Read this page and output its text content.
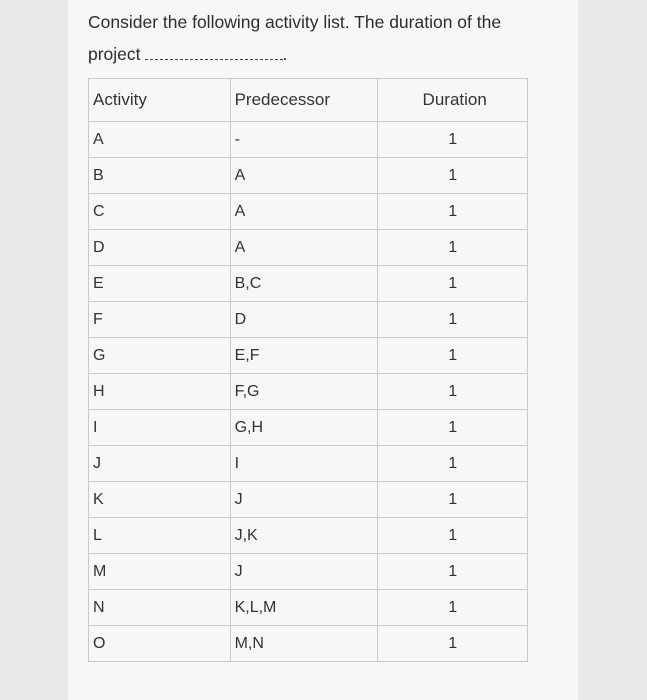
Consider the following activity list. The duration of the
project	.
Activity	Predecessor	Duration
A	-	1
B	A	1
C	A	1
D	A	1
E	B,C	1
F	D	1
G	E,F	1
H	F,G	1
I	G,H	1
J	I	1
K	J	1
L	J,K	1
M	J	1
N	K,L,M	1
O	M,N	1
